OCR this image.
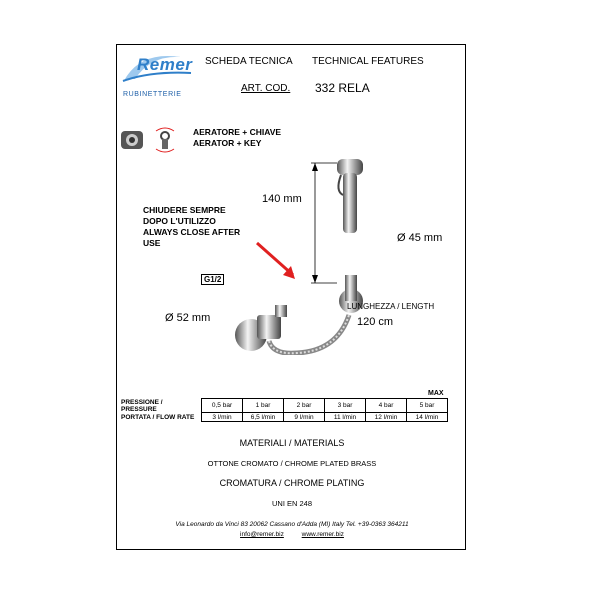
Remer
RUBINETTERIE
SCHEDA TECNICA TECHNICAL FEATURES
ART. COD. 332 RELA
AERATORE + CHIAVE
AERATOR + KEY
CHIUDERE SEMPRE
DOPO L'UTILIZZO
ALWAYS CLOSE AFTER
USE
140 mm
Ø 45 mm
G1/2
Ø 52 mm
LUNGHEZZA / LENGTH
120 cm
MAX
PRESSIONE / PRESSURE	0,5 bar	1 bar	2 bar	3 bar	4 bar	5 bar
PORTATA / FLOW RATE	3 l/min	6,5 l/min	9 l/min	11 l/min	12 l/min	14 l/min
MATERIALI / MATERIALS
OTTONE CROMATO / CHROME PLATED BRASS
CROMATURA / CHROME PLATING
UNI EN 248
Via Leonardo da Vinci 83 20062 Cassano d'Adda (MI) Italy Tel. +39-0363 364211
info@remer.biz	www.remer.biz
